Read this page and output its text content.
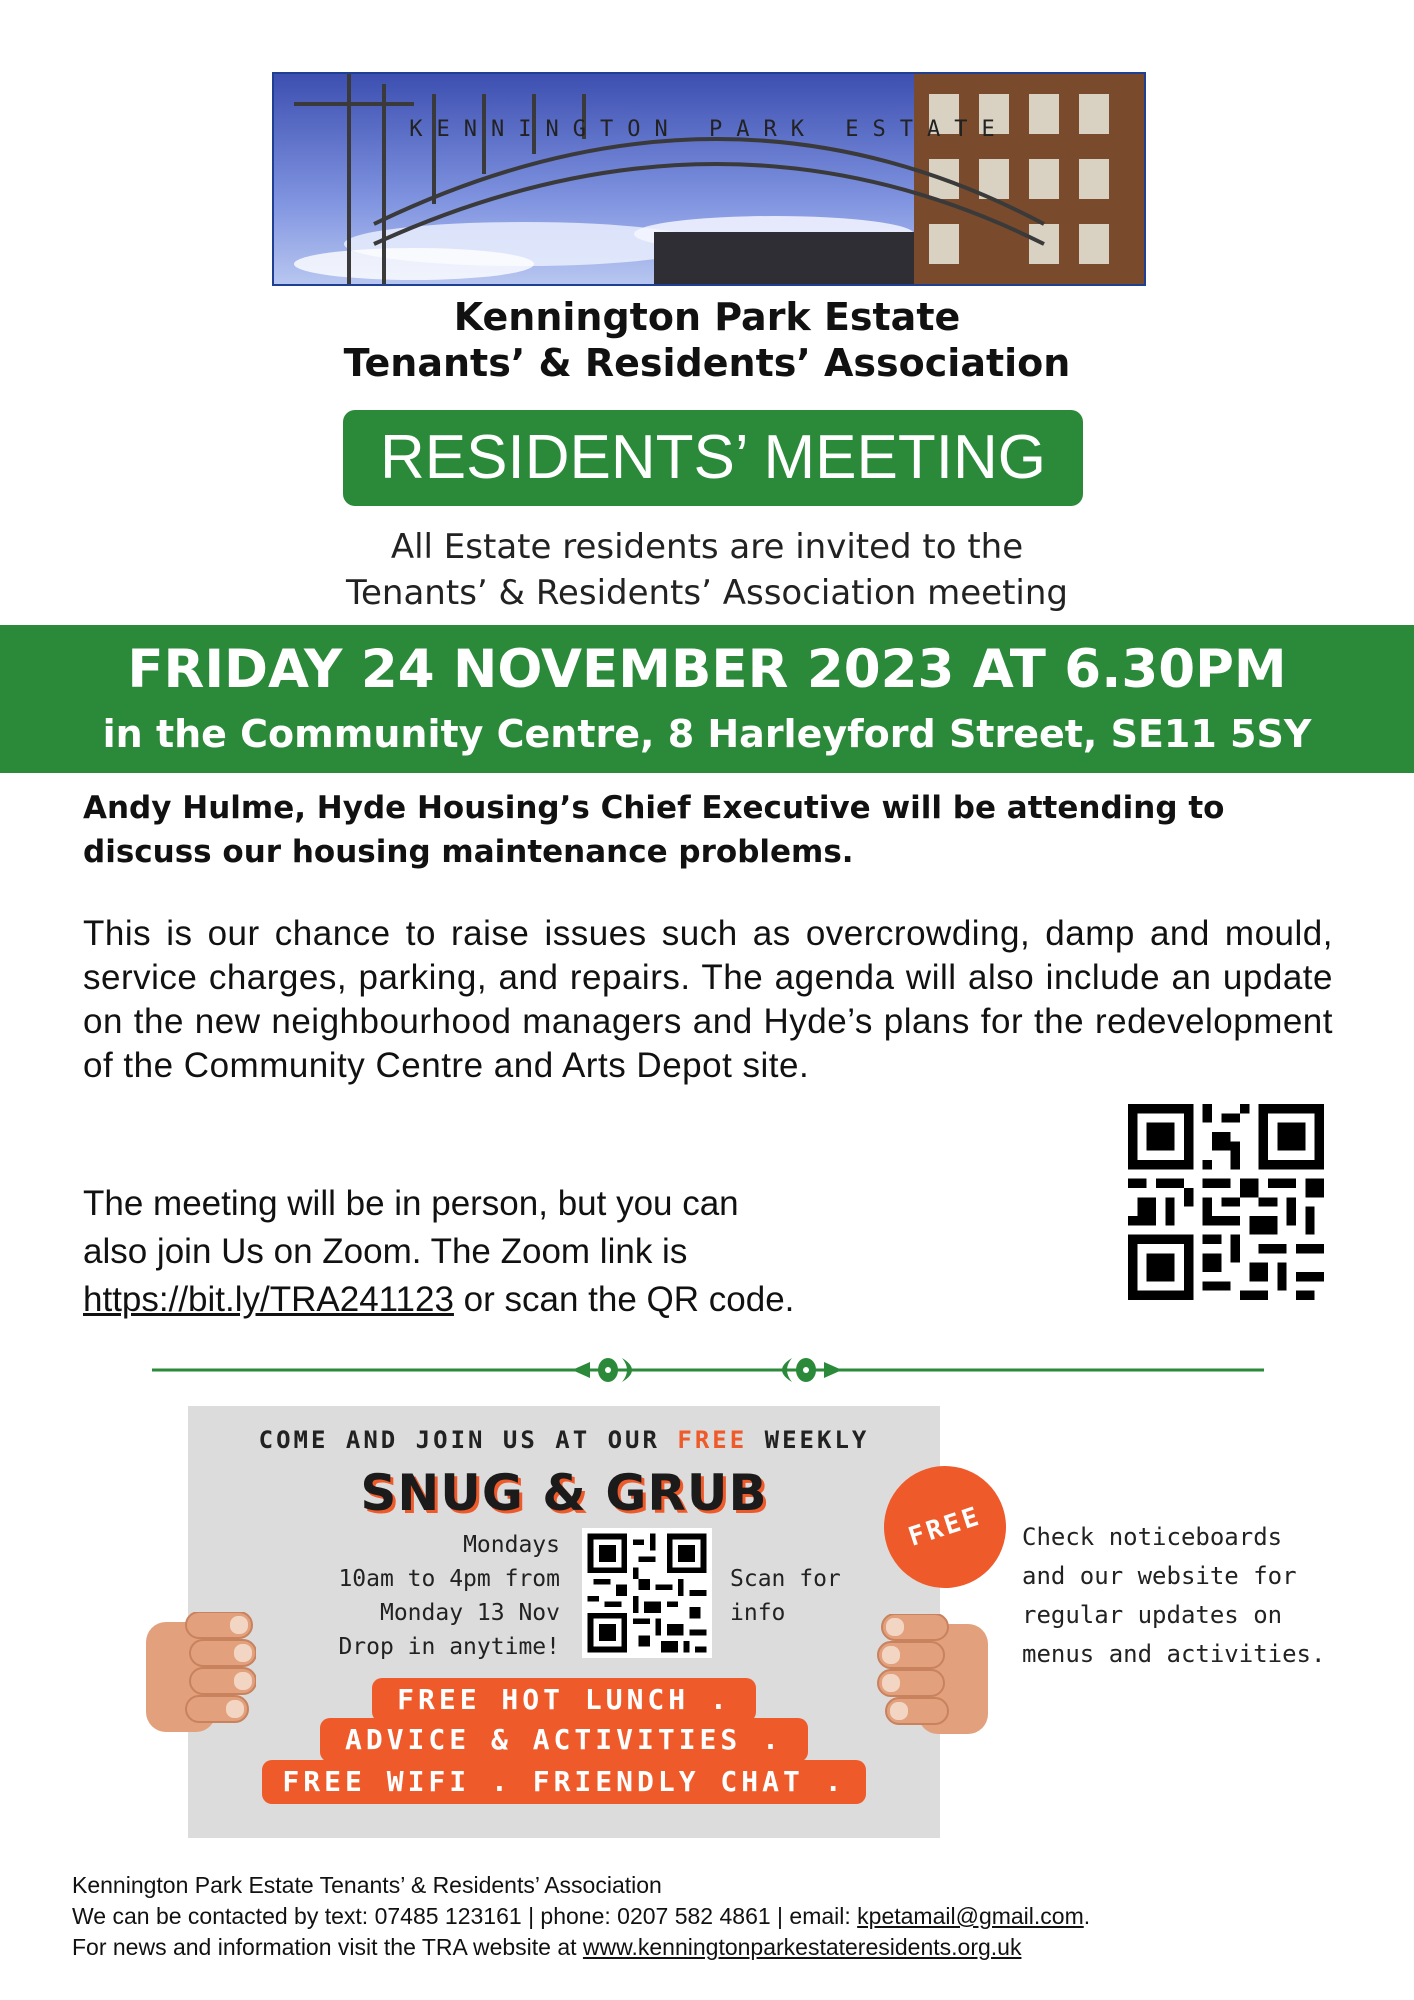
KENNINGTON PARK ESTATE
Kennington Park Estate
Tenants’ & Residents’ Association
RESIDENTS’ MEETING
All Estate residents are invited to the
Tenants’ & Residents’ Association meeting
FRIDAY 24 NOVEMBER 2023 AT 6.30PM
in the Community Centre, 8 Harleyford Street, SE11 5SY
Andy Hulme, Hyde Housing’s Chief Executive will be attending to discuss our housing maintenance problems.
This is our chance to raise issues such as overcrowding, damp and mould, service charges, parking, and repairs. The agenda will also include an update on the new neighbourhood managers and Hyde’s plans for the redevelopment of the Community Centre and Arts Depot site.
The meeting will be in person, but you can
also join Us on Zoom. The Zoom link is
https://bit.ly/TRA241123 or scan the QR code.
COME AND JOIN US AT OUR FREE WEEKLY
SNUG & GRUB
Mondays
10am to 4pm from
Monday 13 Nov
Drop in anytime!
Scan for
info
FREE HOT LUNCH .
ADVICE & ACTIVITIES .
FREE WIFI . FRIENDLY CHAT .
FREE	Check noticeboards
and our website for
regular updates on
menus and activities.
Kennington Park Estate Tenants’ & Residents’ Association
We can be contacted by text: 07485 123161 | phone: 0207 582 4861 | email: kpetamail@gmail.com.
For news and information visit the TRA website at www.kenningtonparkestateresidents.org.uk
